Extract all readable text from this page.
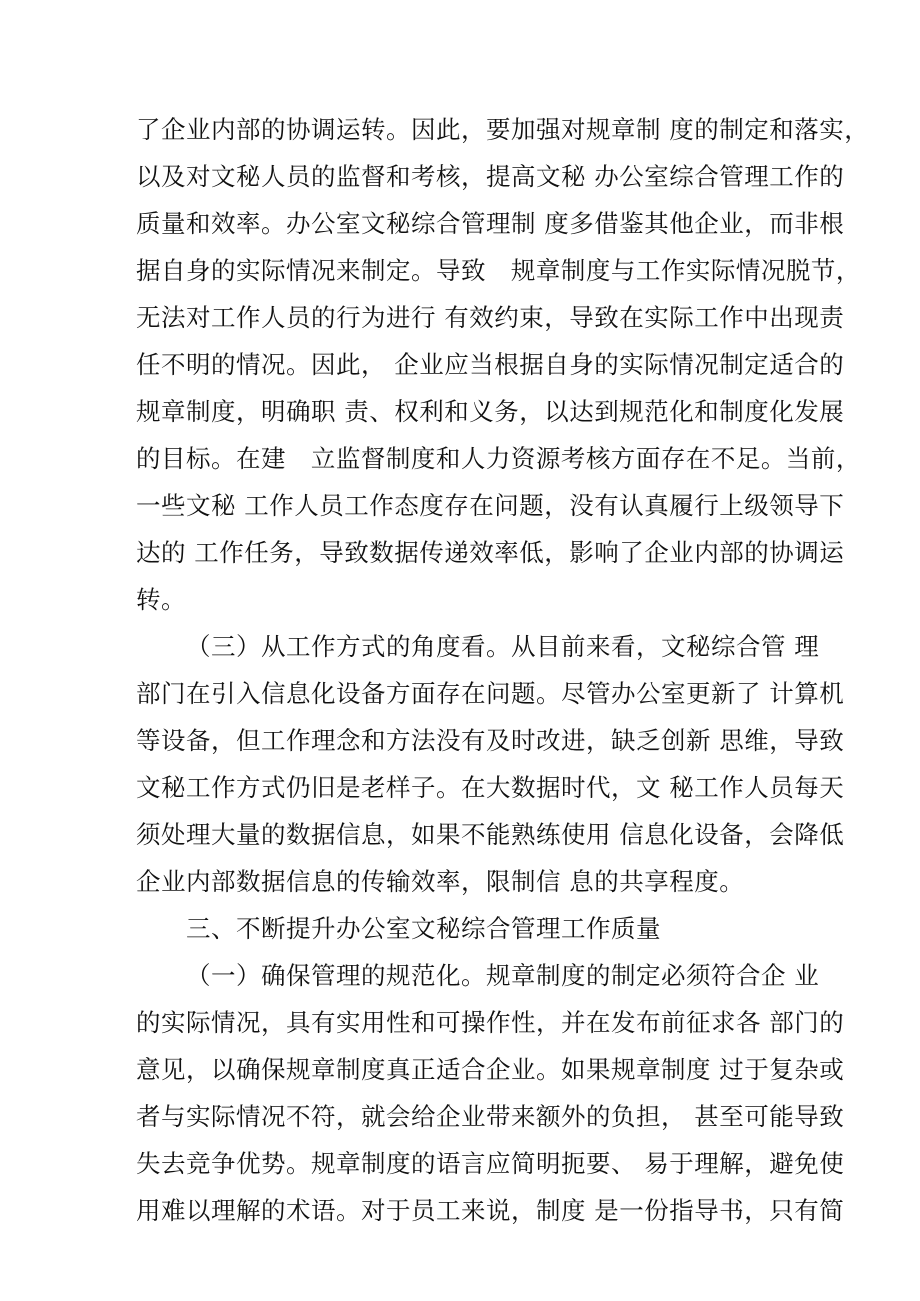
了企业内部的协调运转。因此，要加强对规章制 度的制定和落实，
以及对文秘人员的监督和考核，提高文秘 办公室综合管理工作的
质量和效率。办公室文秘综合管理制 度多借鉴其他企业，而非根
据自身的实际情况来制定。导致   规章制度与工作实际情况脱节，
无法对工作人员的行为进行 有效约束，导致在实际工作中出现责
任不明的情况。因此， 企业应当根据自身的实际情况制定适合的
规章制度，明确职 责、权利和义务，以达到规范化和制度化发展
的目标。在建   立监督制度和人力资源考核方面存在不足。当前，
一些文秘 工作人员工作态度存在问题，没有认真履行上级领导下
达的 工作任务，导致数据传递效率低，影响了企业内部的协调运
转。
（三）从工作方式的角度看。从目前来看，文秘综合管 理
部门在引入信息化设备方面存在问题。尽管办公室更新了 计算机
等设备，但工作理念和方法没有及时改进，缺乏创新 思维，导致
文秘工作方式仍旧是老样子。在大数据时代，文 秘工作人员每天
须处理大量的数据信息，如果不能熟练使用 信息化设备，会降低
企业内部数据信息的传输效率，限制信 息的共享程度。
三、不断提升办公室文秘综合管理工作质量
（一）确保管理的规范化。规章制度的制定必须符合企 业
的实际情况，具有实用性和可操作性，并在发布前征求各 部门的
意见，以确保规章制度真正适合企业。如果规章制度 过于复杂或
者与实际情况不符，就会给企业带来额外的负担， 甚至可能导致
失去竞争优势。规章制度的语言应简明扼要、 易于理解，避免使
用难以理解的术语。对于员工来说，制度 是一份指导书，只有简
